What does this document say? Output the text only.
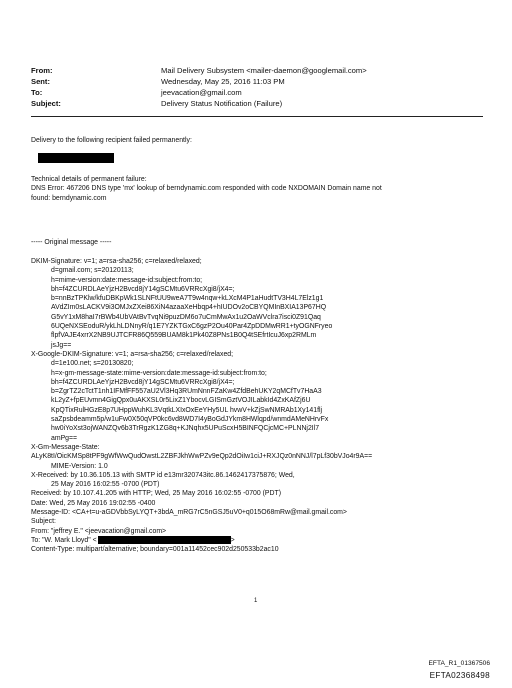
From:	Mail Delivery Subsystem <mailer-daemon@googlemail.com>
Sent:	Wednesday, May 25, 2016 11:03 PM
To:	jeevacation@gmail.com
Subject:	Delivery Status Notification (Failure)
Delivery to the following recipient failed permanently:
Technical details of permanent failure:
DNS Error: 467206 DNS type 'mx' lookup of berndynamic.com responded with code NXDOMAIN Domain name not
found: berndynamic.com
----- Original message -----
DKIM-Signature: v=1; a=rsa-sha256; c=relaxed/relaxed;
d=gmail.com; s=20120113;
h=mime-version:date:message-id:subject:from:to;
bh=f4ZCURDLAeYjzH2Bvcd8jY14gSCMtu6VRRcXgi8/jX4=;
b=nnBzTPKlw/kfuDBKpWk1SLNFtUU9weA7T9w4nqw+kLXcM4P1aHudtTV3H4L7Elz1g1
AVdZIm0sLACKV9i3OMJxZXei86XiN4azaaXeHbqp4+hIUDOv2oCBYQMInBXIA13P67HQ
G5vY1xM8haI7rBWb4UbVAtBvTvqNi9puzDM6o7uCmMwAx1u2OaWVclra7isci0Z91Qaq
6UQeNXSEoduR/ykLhLDNnyR/q1E7YZKTGxC6gzP2Ou40Par4ZpDDMwRR1+tyOGNFryeo
flpfVAJE4xrrX2NB9UJTCFR86Q559BUAM8k1Pk40Z8PNs1B0Q4tSEfrtIcuJ6xp2RMLm
jsJg==
X-Google-DKIM-Signature: v=1; a=rsa-sha256; c=relaxed/relaxed;
d=1e100.net; s=20130820;
h=x-gm-message-state:mime-version:date:message-id:subject:from:to;
bh=f4ZCURDLAeYjzH2Bvcd8jY14gSCMtu6VRRcXgi8/jX4=;
b=ZgrTZ2cTctT1nh1IFMfFF557aU2Vl3Hq3RUmNnnFZaKw4ZfdBehUKY2qMCfTv7HaA3
kL2yZ+fpEUvmn4GigQpx0uAKXSL0r5LixZ1YbocvLGISmGztVOJILabkId4ZxKAfZj6U
KpQTixRulHGzE8p7UHppWuhKL3VqtkLXIxOxEeYHy5UL hvwV+kZjSwNMRAb1Xy141flj
saZpsbdeamm5p/w1uFw0X50qVP0kc6vd8WD7I4yBoGdJYkm8HWlqpd/wnmdAMeNHrvFx
hw0iYoXst3ojWANZQv6b3TrRgzK1ZG8q+KJNqhx5UPuScxH5BINFQCjcMC+PLNNj2Il7
amPg==
X-Gm-Message-State:
ALyK8tI/OicKMSp8tPF9gWfWwQudOwstL2ZBFJkhWwPZv9eQp2dOiIw1ciJ+RXJQz0nNNJ/l7pLf30bVJo4r9A==
MIME-Version: 1.0
X-Received: by 10.36.105.13 with SMTP id e13mr320743itc.86.1462417375876; Wed,
25 May 2016 16:02:55 -0700 (PDT)
Received: by 10.107.41.205 with HTTP; Wed, 25 May 2016 16:02:55 -0700 (PDT)
Date: Wed, 25 May 2016 19:02:55 -0400
Message-ID: <CA+t=u-aGDVbbSyLYQT+3bdA_mRG7rC5nGSJ5uV0+q015O68mRw@mail.gmail.com>
Subject:
From: "jeffrey E." <jeevacation@gmail.com>
To: "W. Mark Lloyd" <	>
Content-Type: multipart/alternative; boundary=001a11452cec902d250533b2ac10
1
EFTA_R1_01367506
EFTA02368498
